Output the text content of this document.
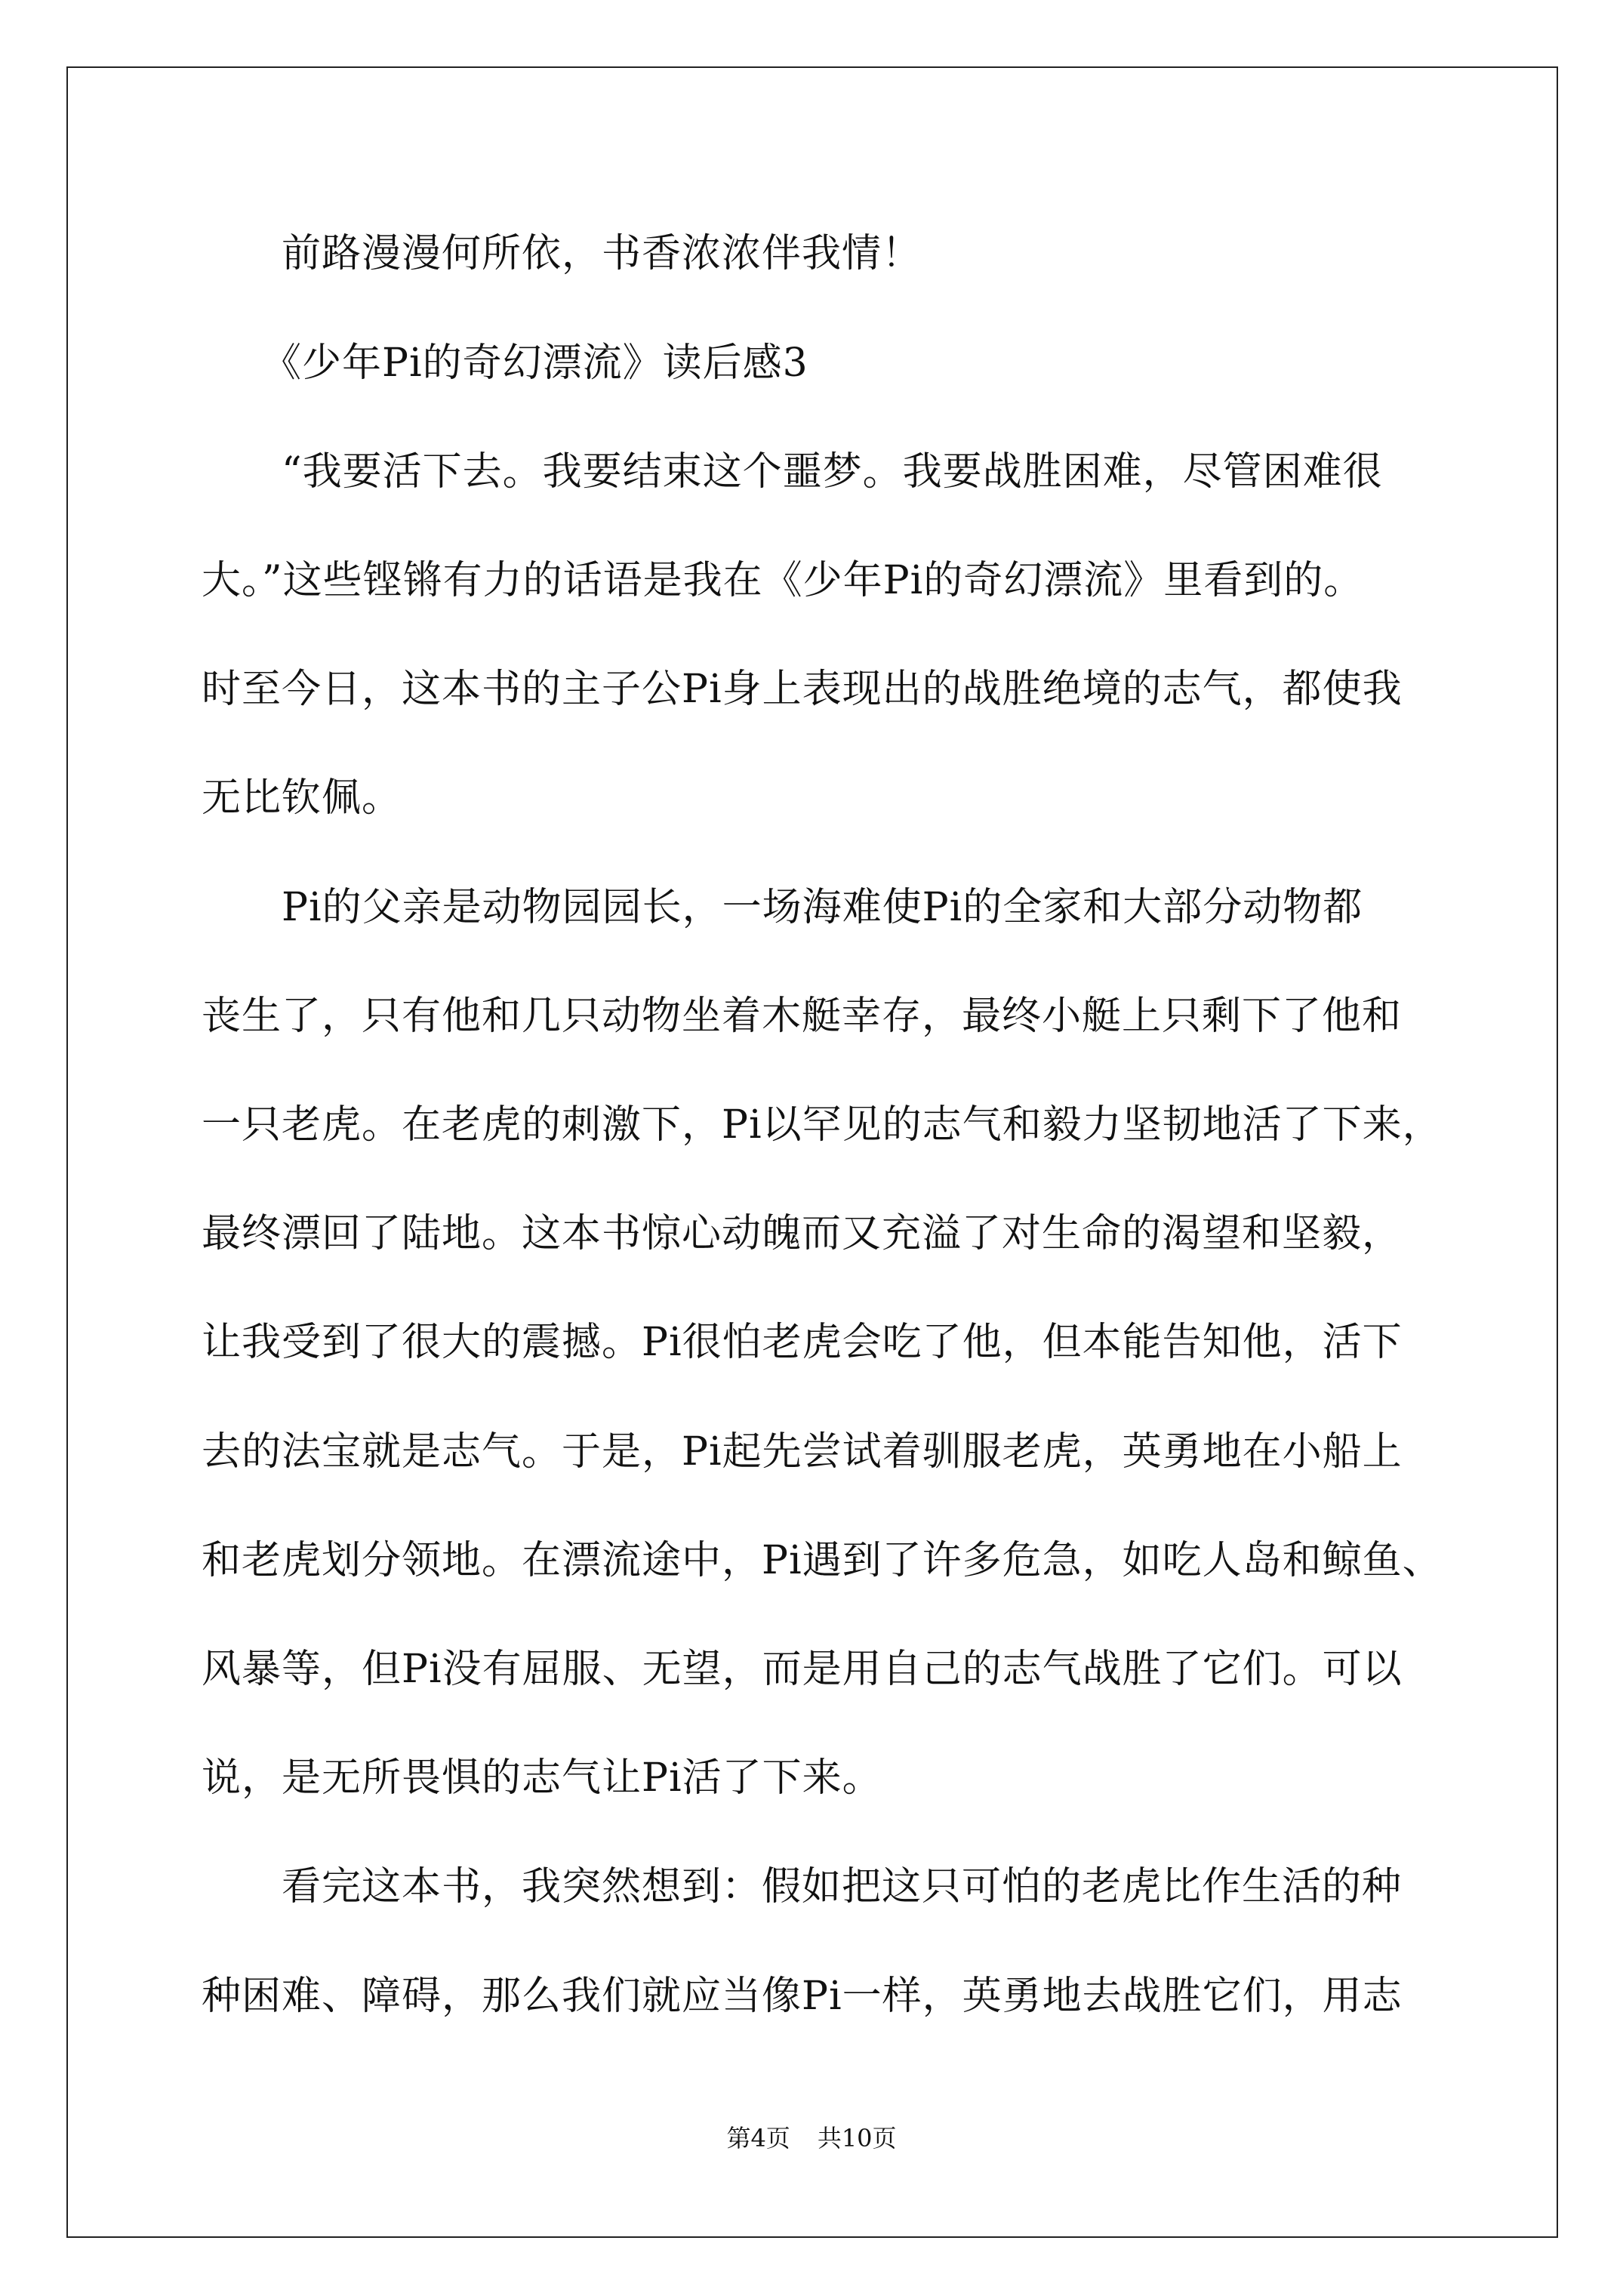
　　前路漫漫何所依，书香浓浓伴我情！
　　《少年Pi的奇幻漂流》读后感3
　　“我要活下去。我要结束这个噩梦。我要战胜困难，尽管困难很
大。”这些铿锵有力的话语是我在《少年Pi的奇幻漂流》里看到的。
时至今日，这本书的主子公Pi身上表现出的战胜绝境的志气，都使我
无比钦佩。
　　Pi的父亲是动物园园长，一场海难使Pi的全家和大部分动物都
丧生了，只有他和几只动物坐着木艇幸存，最终小艇上只剩下了他和
一只老虎。在老虎的刺激下，Pi以罕见的志气和毅力坚韧地活了下来，
最终漂回了陆地。这本书惊心动魄而又充溢了对生命的渴望和坚毅，
让我受到了很大的震撼。Pi很怕老虎会吃了他，但本能告知他，活下
去的法宝就是志气。于是，Pi起先尝试着驯服老虎，英勇地在小船上
和老虎划分领地。在漂流途中，Pi遇到了许多危急，如吃人岛和鲸鱼、
风暴等，但Pi没有屈服、无望，而是用自己的志气战胜了它们。可以
说，是无所畏惧的志气让Pi活了下来。
　　看完这本书，我突然想到：假如把这只可怕的老虎比作生活的种
种困难、障碍，那么我们就应当像Pi一样，英勇地去战胜它们，用志
第4页 共10页
